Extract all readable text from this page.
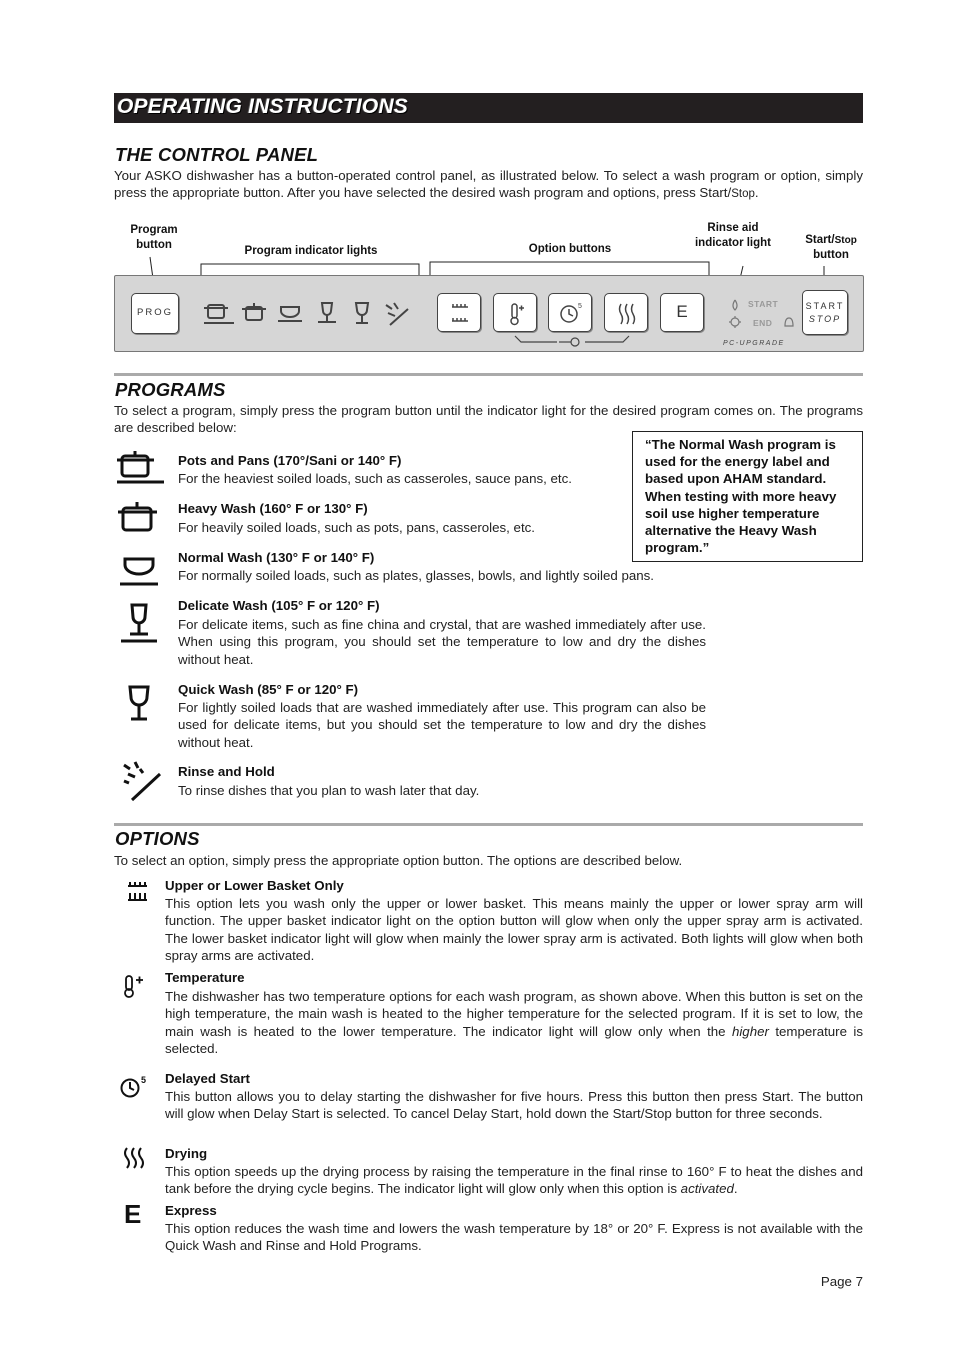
OPERATING INSTRUCTIONS
THE CONTROL PANEL
Your ASKO dishwasher has a button-operated control panel, as illustrated below. To select a wash program or option, simply press the appropriate button. After you have selected the desired wash program and options, press Start/Stop.
Program
button	Program indicator lights	Option buttons
Rinse aid
indicator light	Start/Stop
button
PROG
5	E	START
END
PC-UPGRADE
START
STOP
PROGRAMS
To select a program, simply press the program button until the indicator light for the desired program comes on. The programs are described below:
“The Normal Wash program is used for the energy label and based upon AHAM standard. When testing with more heavy soil use higher temperature alternative the Heavy Wash program.”
Pots and Pans (170°/Sani or 140° F)
For the heaviest soiled loads, such as casseroles, sauce pans, etc.
Heavy Wash (160° F or 130° F)
For heavily soiled loads, such as pots, pans, casseroles, etc.
Normal Wash (130° F or 140° F)
For normally soiled loads, such as plates, glasses, bowls, and lightly soiled pans.
Delicate Wash (105° F or 120° F)
For delicate items, such as fine china and crystal, that are washed immediately after use. When using this program, you should set the temperature to low and dry the dishes without heat.
Quick Wash (85° F or 120° F)
For lightly soiled loads that are washed immediately after use. This program can also be used for delicate items, but you should set the temperature to low and dry the dishes without heat.
Rinse and Hold
To rinse dishes that you plan to wash later that day.
OPTIONS
To select an option, simply press the appropriate option button. The options are described below.
Upper or Lower Basket Only
This option lets you wash only the upper or lower basket. This means mainly the upper or lower spray arm will function. The upper basket indicator light on the option button will glow when only the upper spray arm is activated. The lower basket indicator light will glow when mainly the lower spray arm is activated. Both lights will glow when both spray arms are activated.
Temperature
The dishwasher has two temperature options for each wash program, as shown above. When this button is set on the high temperature, the main wash is heated to the higher temperature for the selected program. If it is set to low, the main wash is heated to the lower temperature. The indicator light will glow only when the higher temperature is selected.
5 Delayed Start
This button allows you to delay starting the dishwasher for five hours. Press this button then press Start. The button will glow when Delay Start is selected. To cancel Delay Start, hold down the Start/Stop button for three seconds.
Drying
This option speeds up the drying process by raising the temperature in the final rinse to 160° F to heat the dishes and tank before the drying cycle begins. The indicator light will glow only when this option is activated.
E Express
This option reduces the wash time and lowers the wash temperature by 18° or 20° F. Express is not available with the Quick Wash and Rinse and Hold Programs.
Page 7
